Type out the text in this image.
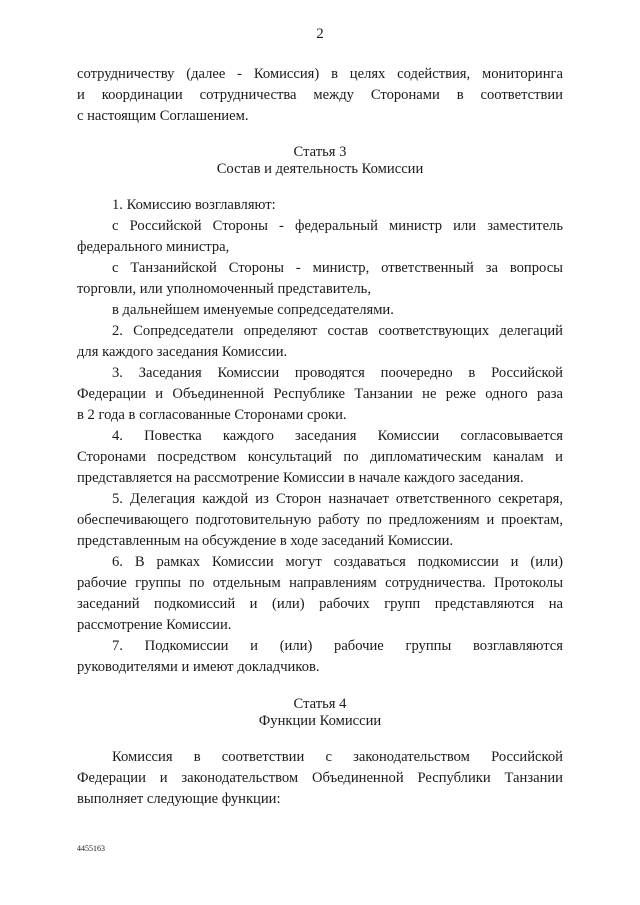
2
сотрудничеству (далее - Комиссия) в целях содействия, мониторинга
и координации сотрудничества между Сторонами в соответствии
с настоящим Соглашением.
Статья 3
Состав и деятельность Комиссии
1. Комиссию возглавляют:
с Российской Стороны - федеральный министр или заместитель
федерального министра,
с Танзанийской Стороны - министр, ответственный за вопросы
торговли, или уполномоченный представитель,
в дальнейшем именуемые сопредседателями.
2. Сопредседатели определяют состав соответствующих делегаций
для каждого заседания Комиссии.
3. Заседания Комиссии проводятся поочередно в Российской
Федерации и Объединенной Республике Танзании не реже одного раза
в 2 года в согласованные Сторонами сроки.
4. Повестка каждого заседания Комиссии согласовывается
Сторонами посредством консультаций по дипломатическим каналам и
представляется на рассмотрение Комиссии в начале каждого заседания.
5. Делегация каждой из Сторон назначает ответственного секретаря,
обеспечивающего подготовительную работу по предложениям и проектам,
представленным на обсуждение в ходе заседаний Комиссии.
6. В рамках Комиссии могут создаваться подкомиссии и (или)
рабочие группы по отдельным направлениям сотрудничества. Протоколы
заседаний подкомиссий и (или) рабочих групп представляются на
рассмотрение Комиссии.
7. Подкомиссии и (или) рабочие группы возглавляются
руководителями и имеют докладчиков.
Статья 4
Функции Комиссии
Комиссия в соответствии с законодательством Российской
Федерации и законодательством Объединенной Республики Танзании
выполняет следующие функции:
4455163
